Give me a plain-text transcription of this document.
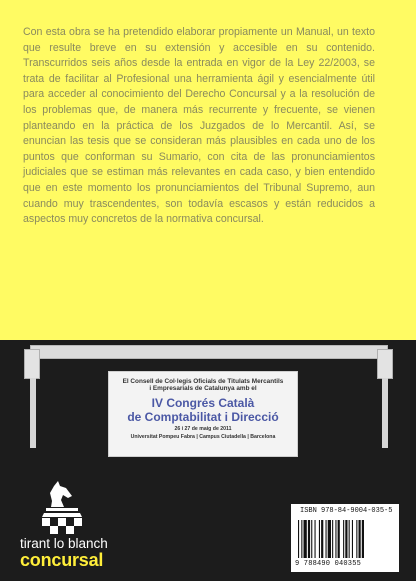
Con esta obra se ha pretendido elaborar propiamente un Manual, un texto que resulte breve en su extensión y accesible en su contenido. Transcurridos seis años desde la entrada en vigor de la Ley 22/2003, se trata de facilitar al Profesional una herramienta ágil y esencialmente útil para acceder al conocimiento del Derecho Concursal y a la resolución de los problemas que, de manera más recurrente y frecuente, se vienen planteando en la práctica de los Juzgados de lo Mercantil. Así, se enuncian las tesis que se consideran más plausibles en cada uno de los puntos que conforman su Sumario, con cita de las pronunciamientos judiciales que se estiman más relevantes en cada caso, y bien entendido que en este momento los pronunciamientos del Tribunal Supremo, aun cuando muy trascendentes, son todavía escasos y están reducidos a aspectos muy concretos de la normativa concursal.

El Consell de Col·legis Oficials de Titulats Mercantils
i Empresarials de Catalunya amb el
IV Congrés Català
de Comptabilitat i Direcció
26 i 27 de maig de 2011
Universitat Pompeu Fabra | Campus Ciutadella | Barcelona
ISBN 978-84-9004-035-5
9 788490 040355
tirant lo blanch
concursal
